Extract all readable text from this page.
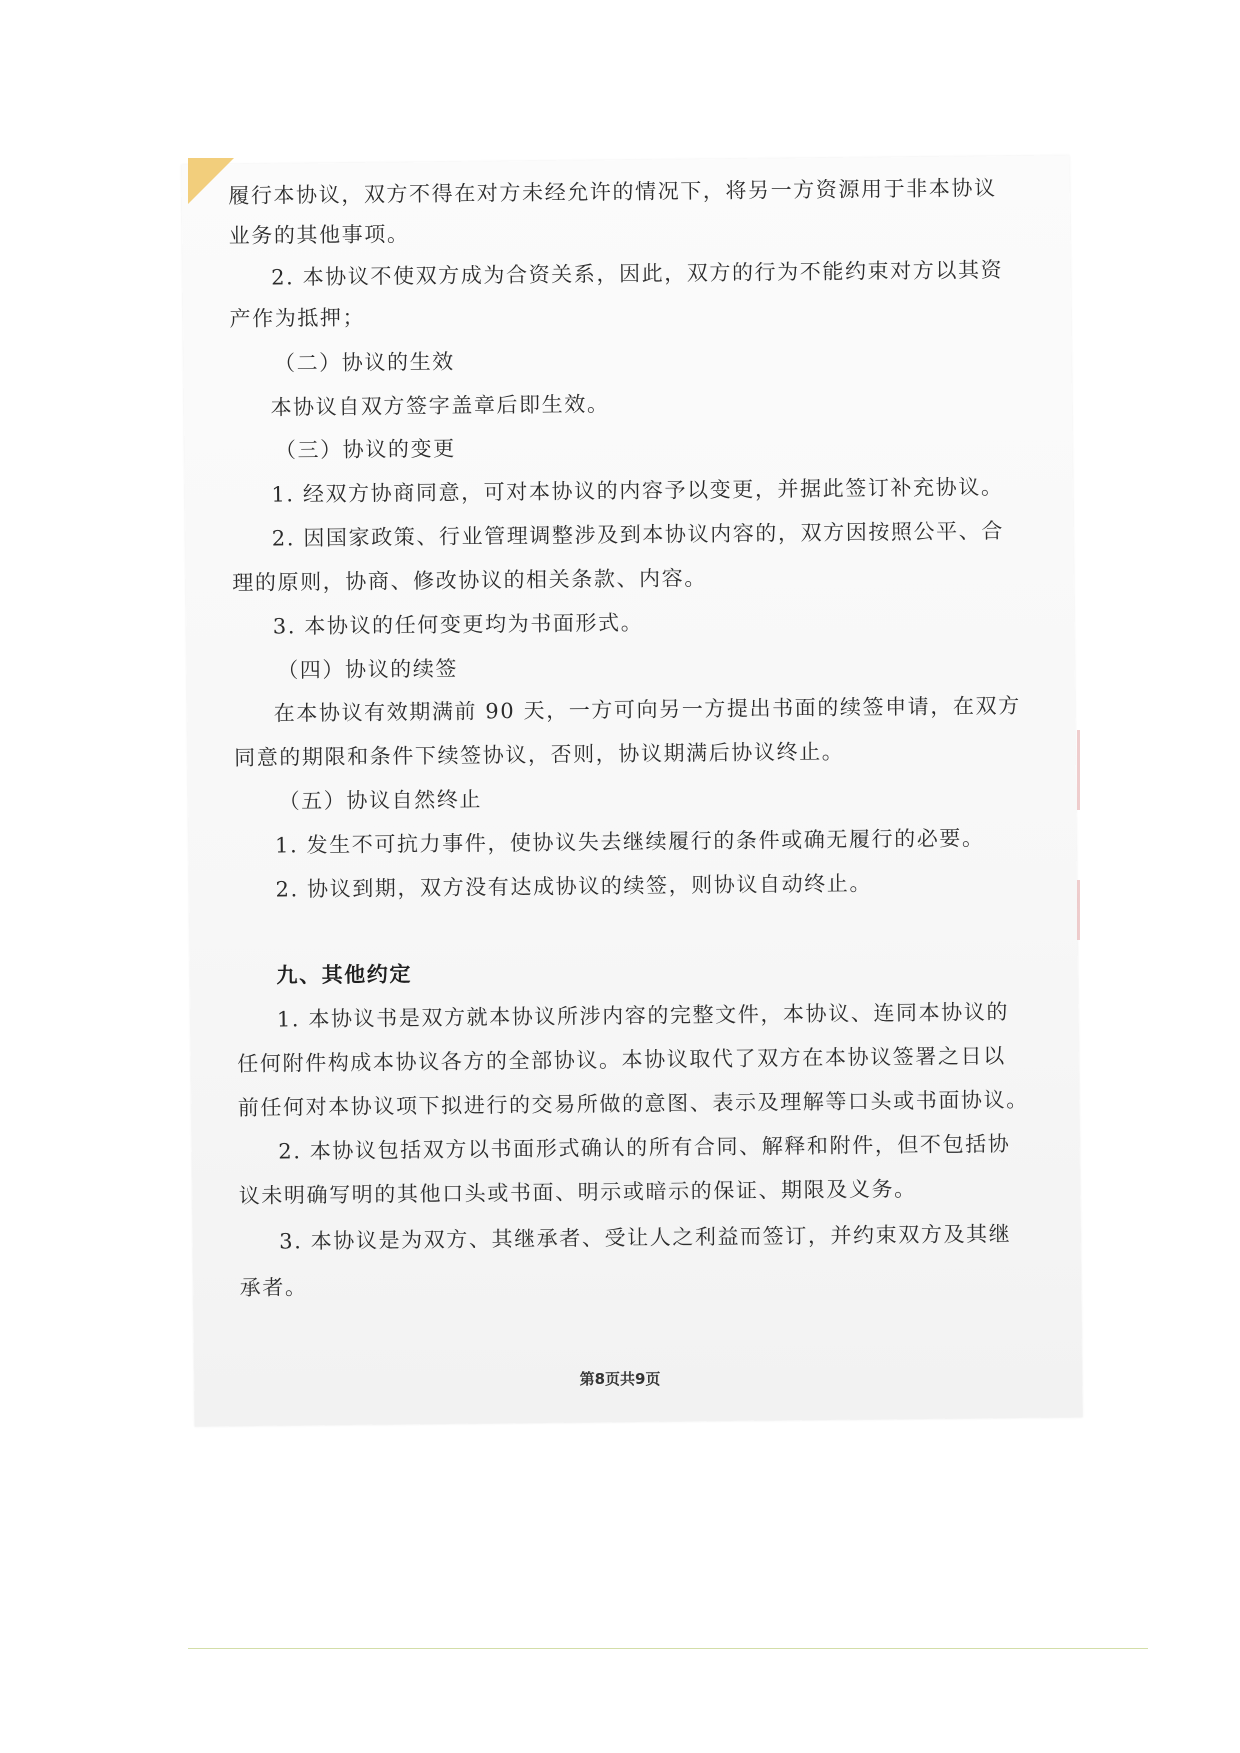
履行本协议，双方不得在对方未经允许的情况下，将另一方资源用于非本协议
业务的其他事项。
2. 本协议不使双方成为合资关系，因此，双方的行为不能约束对方以其资
产作为抵押；
（二）协议的生效
本协议自双方签字盖章后即生效。
（三）协议的变更
1. 经双方协商同意，可对本协议的内容予以变更，并据此签订补充协议。
2. 因国家政策、行业管理调整涉及到本协议内容的，双方因按照公平、合
理的原则，协商、修改协议的相关条款、内容。
3. 本协议的任何变更均为书面形式。
（四）协议的续签
在本协议有效期满前 90 天，一方可向另一方提出书面的续签申请，在双方
同意的期限和条件下续签协议，否则，协议期满后协议终止。
（五）协议自然终止
1. 发生不可抗力事件，使协议失去继续履行的条件或确无履行的必要。
2. 协议到期，双方没有达成协议的续签，则协议自动终止。
九、其他约定
1. 本协议书是双方就本协议所涉内容的完整文件，本协议、连同本协议的
任何附件构成本协议各方的全部协议。本协议取代了双方在本协议签署之日以
前任何对本协议项下拟进行的交易所做的意图、表示及理解等口头或书面协议。
2. 本协议包括双方以书面形式确认的所有合同、解释和附件，但不包括协
议未明确写明的其他口头或书面、明示或暗示的保证、期限及义务。
3. 本协议是为双方、其继承者、受让人之利益而签订，并约束双方及其继
承者。
第8页共9页
